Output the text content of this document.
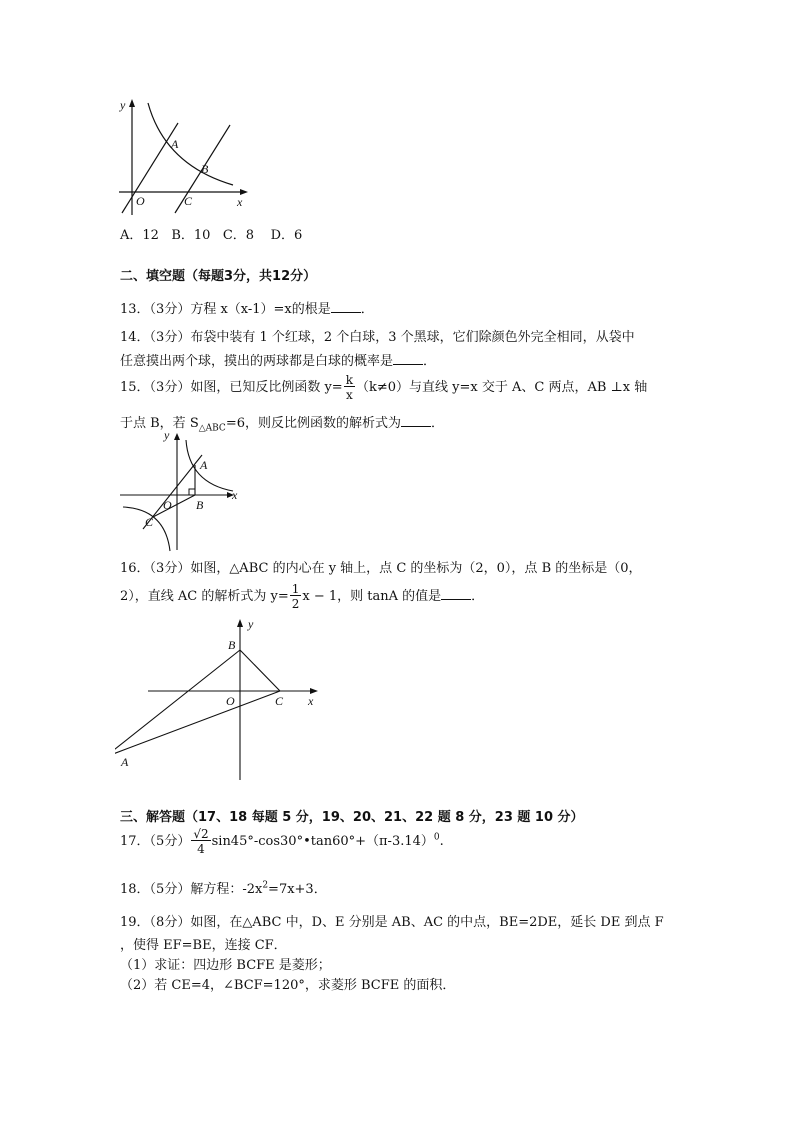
y
x
O
A
B
C
A．12 B．10 C．8 D．6
二、填空题（每题3分，共12分）
13．（3分）方程 x（x-1）=x的根是 ．
14．（3分）布袋中装有 1 个红球，2 个白球，3 个黑球，它们除颜色外完全相同，从袋中
任意摸出两个球，摸出的两球都是白球的概率是 ．
15．（3分）如图，已知反比例函数 $y= \frac{k}{x} (k\ne 0)$与直线 y=x 交于 A、C 两点，AB ⊥x 轴
于点 B，若 $S_{\triangle ABC}=6$，则反比例函数的解析式为 ．
y
x
O
A
B
C
16．（3分）如图，△ABC 的内心在 y 轴上，点 C 的坐标为（2，0），点 B 的坐标是（0，
2），直线 AC 的解析式为 $y= \frac{1}{2}$ x − 1，则 tanA 的值是 ．
y
x
O
A
B
C
三、解答题（17、18 每题 5 分，19、20、21、22 题 8 分，23 题 10 分）
17．（5分） $\frac{√2}{4}$ $\sin 45^\circ-\cos 30^\circ•\tan 60^\circ+(\pi-3.14)^0$.
18．（5分）解方程：$-2x^2=7x+3$．
19．（8分）如图，在△ABC 中，D、E 分别是 AB、AC 的中点，BE=2DE，延长 DE 到点 F
，使得 EF=BE，连接 CF．
（1）求证：四边形 BCFE 是菱形；
（2）若 CE=4，∠BCF=120°，求菱形 BCFE 的面积．
